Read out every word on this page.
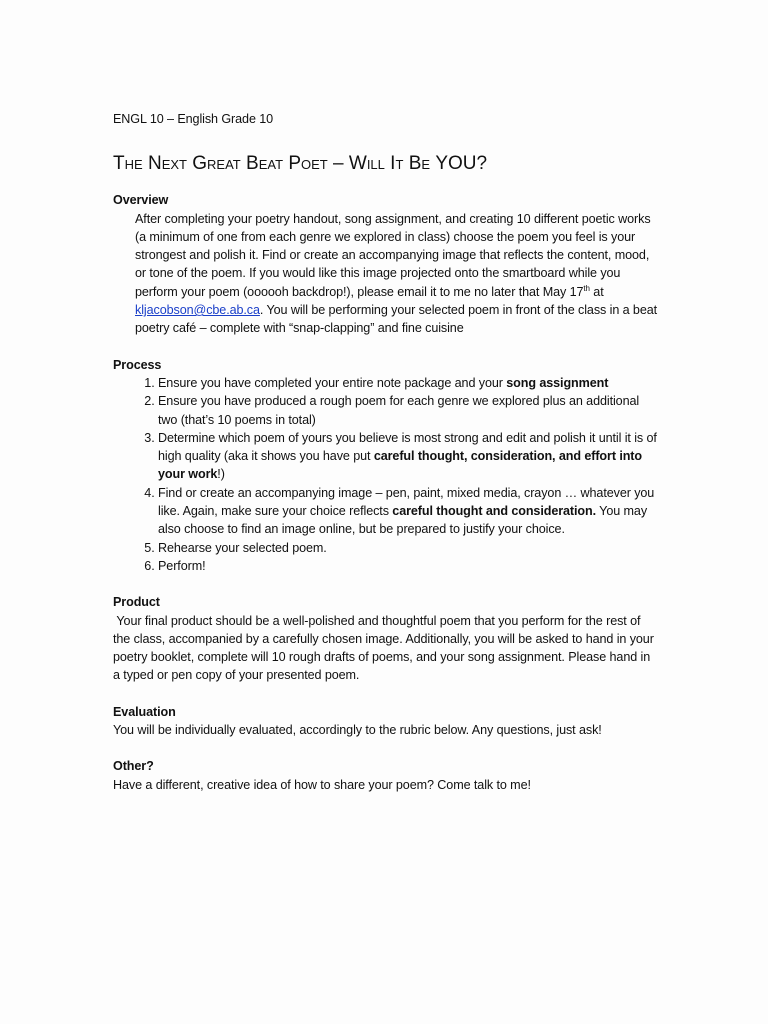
ENGL 10 – English Grade 10

The Next Great Beat Poet – Will It Be YOU?

Overview

After completing your poetry handout, song assignment, and creating 10 different poetic works (a minimum of one from each genre we explored in class) choose the poem you feel is your strongest and polish it. Find or create an accompanying image that reflects the content, mood, or tone of the poem. If you would like this image projected onto the smartboard while you perform your poem (oooooh backdrop!), please email it to me no later that May 17th at kljacobson@cbe.ab.ca. You will be performing your selected poem in front of the class in a beat poetry café – complete with “snap-clapping” and fine cuisine

Process

1. Ensure you have completed your entire note package and your song assignment
2. Ensure you have produced a rough poem for each genre we explored plus an additional two (that’s 10 poems in total)
3. Determine which poem of yours you believe is most strong and edit and polish it until it is of high quality (aka it shows you have put careful thought, consideration, and effort into your work!)
4. Find or create an accompanying image – pen, paint, mixed media, crayon … whatever you like. Again, make sure your choice reflects careful thought and consideration. You may also choose to find an image online, but be prepared to justify your choice.
5. Rehearse your selected poem.
6. Perform!

Product

Your final product should be a well-polished and thoughtful poem that you perform for the rest of the class, accompanied by a carefully chosen image. Additionally, you will be asked to hand in your poetry booklet, complete will 10 rough drafts of poems, and your song assignment. Please hand in a typed or pen copy of your presented poem.

Evaluation

You will be individually evaluated, accordingly to the rubric below. Any questions, just ask!

Other?

Have a different, creative idea of how to share your poem? Come talk to me!
